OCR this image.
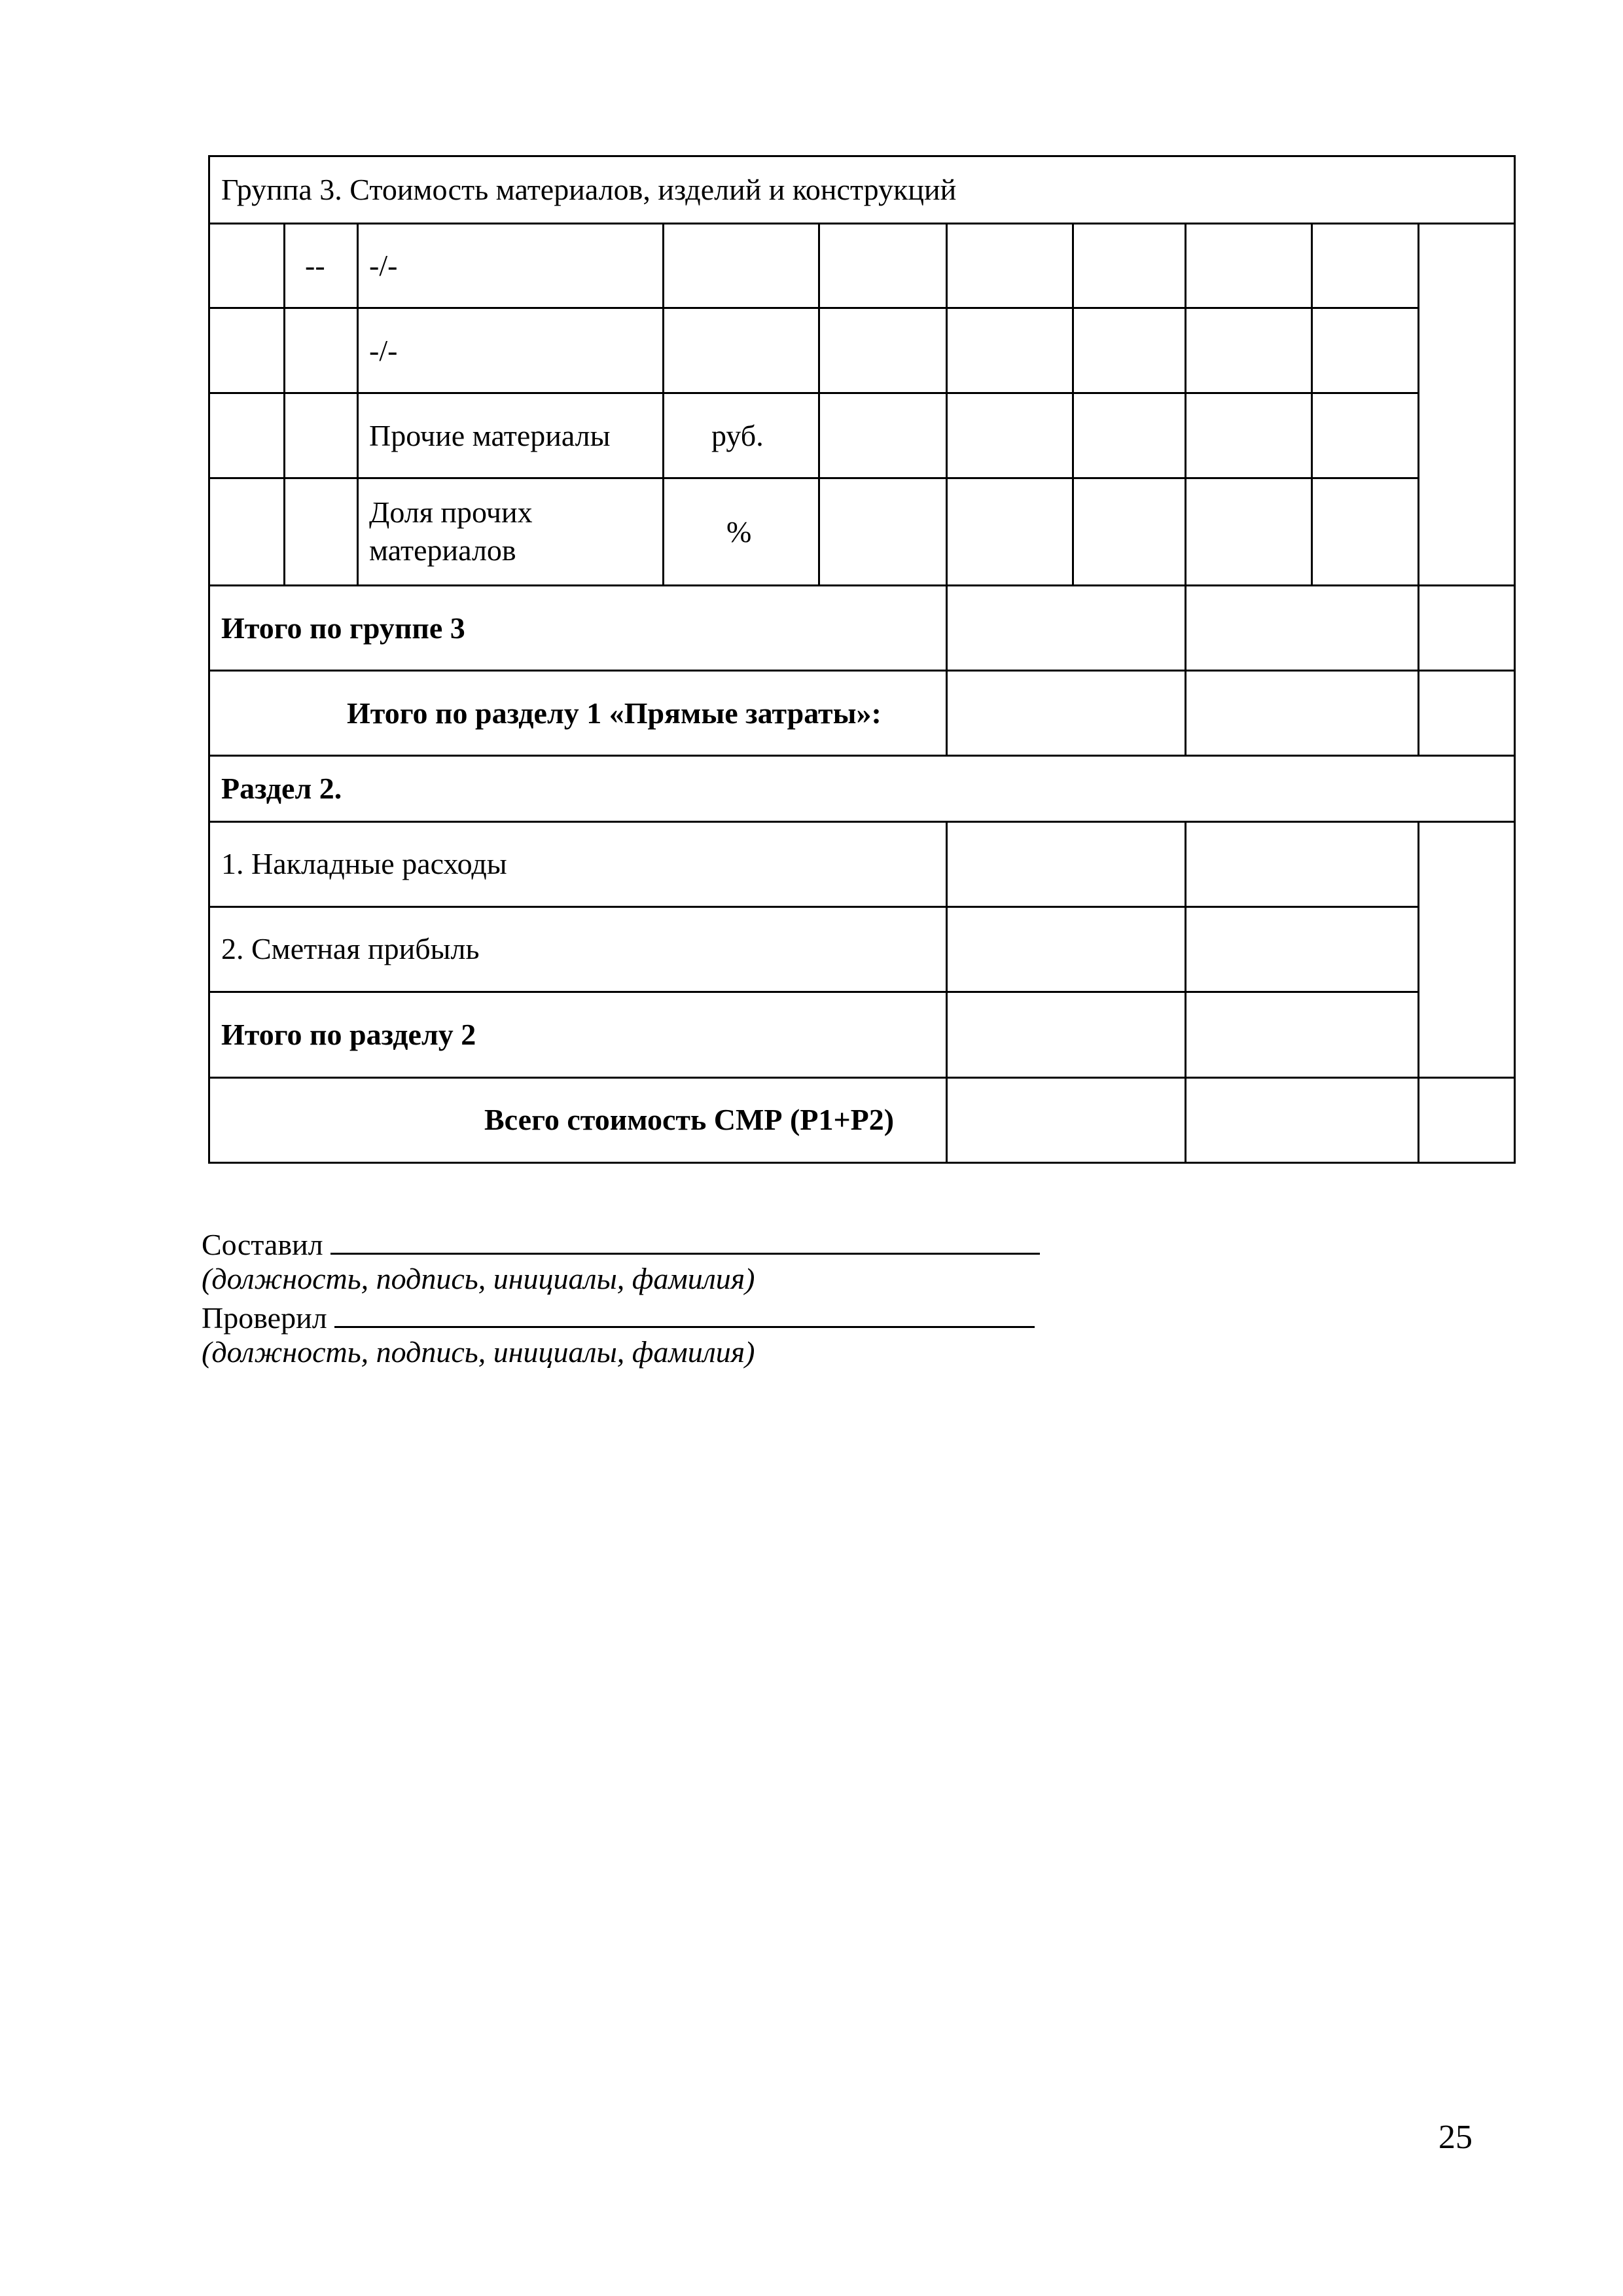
Группа 3. Стоимость материалов, изделий и конструкций
-- -/-
-/-
Прочие материалы	руб.
Доля прочих
материалов
%
Итого по группе 3
Итого по разделу 1 «Прямые затраты»:
Раздел 2.
1. Накладные расходы
2. Сметная прибыль
Итого по разделу 2
Всего стоимость СМР (Р1+Р2)
Составил
(должность, подпись, инициалы, фамилия)
Проверил
(должность, подпись, инициалы, фамилия)
25
